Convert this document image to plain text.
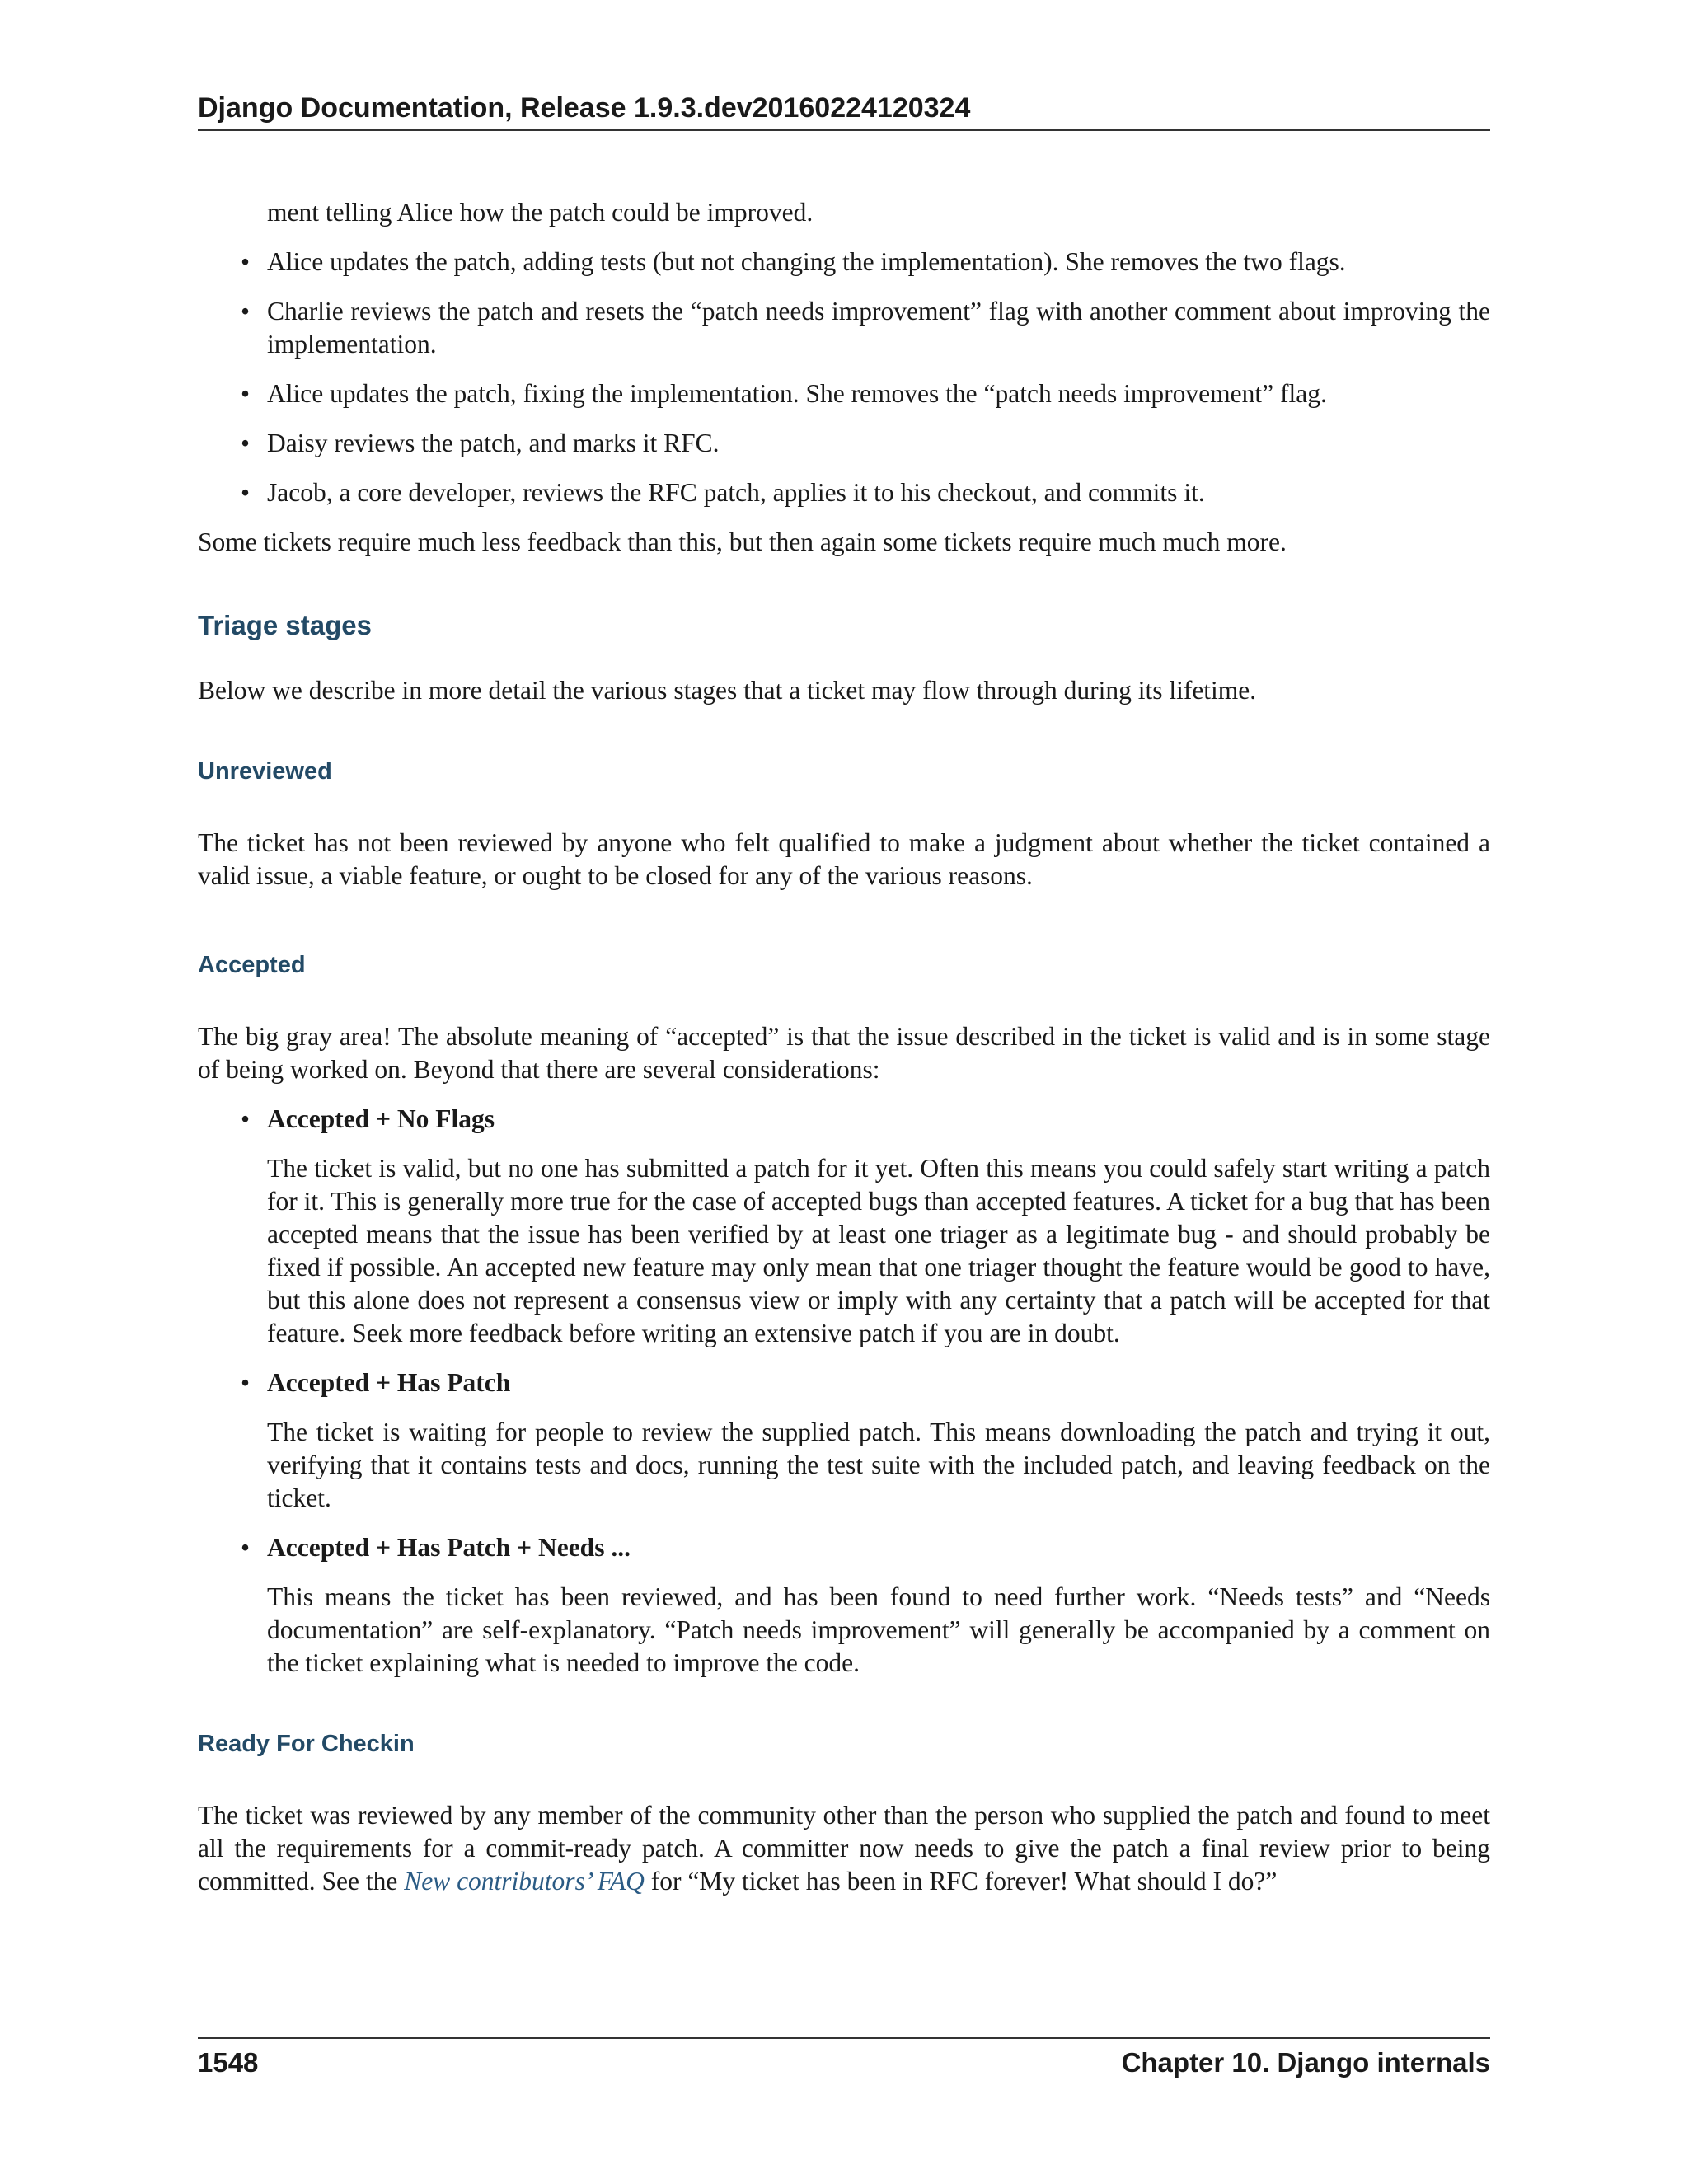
Django Documentation, Release 1.9.3.dev20160224120324

ment telling Alice how the patch could be improved.

• Alice updates the patch, adding tests (but not changing the implementation). She removes the two flags.
• Charlie reviews the patch and resets the “patch needs improvement” flag with another comment about improving the implementation.
• Alice updates the patch, fixing the implementation. She removes the “patch needs improvement” flag.
• Daisy reviews the patch, and marks it RFC.
• Jacob, a core developer, reviews the RFC patch, applies it to his checkout, and commits it.

Some tickets require much less feedback than this, but then again some tickets require much much more.

Triage stages

Below we describe in more detail the various stages that a ticket may flow through during its lifetime.

Unreviewed

The ticket has not been reviewed by anyone who felt qualified to make a judgment about whether the ticket contained a valid issue, a viable feature, or ought to be closed for any of the various reasons.

Accepted

The big gray area! The absolute meaning of “accepted” is that the issue described in the ticket is valid and is in some stage of being worked on. Beyond that there are several considerations:

• Accepted + No Flags

The ticket is valid, but no one has submitted a patch for it yet. Often this means you could safely start writing a patch for it. This is generally more true for the case of accepted bugs than accepted features. A ticket for a bug that has been accepted means that the issue has been verified by at least one triager as a legitimate bug - and should probably be fixed if possible. An accepted new feature may only mean that one triager thought the feature would be good to have, but this alone does not represent a consensus view or imply with any certainty that a patch will be accepted for that feature. Seek more feedback before writing an extensive patch if you are in doubt.

• Accepted + Has Patch

The ticket is waiting for people to review the supplied patch. This means downloading the patch and trying it out, verifying that it contains tests and docs, running the test suite with the included patch, and leaving feedback on the ticket.

• Accepted + Has Patch + Needs ...

This means the ticket has been reviewed, and has been found to need further work. “Needs tests” and “Needs documentation” are self-explanatory. “Patch needs improvement” will generally be accompanied by a comment on the ticket explaining what is needed to improve the code.

Ready For Checkin

The ticket was reviewed by any member of the community other than the person who supplied the patch and found to meet all the requirements for a commit-ready patch. A committer now needs to give the patch a final review prior to being committed. See the New contributors’ FAQ for “My ticket has been in RFC forever! What should I do?”

1548	Chapter 10. Django internals
